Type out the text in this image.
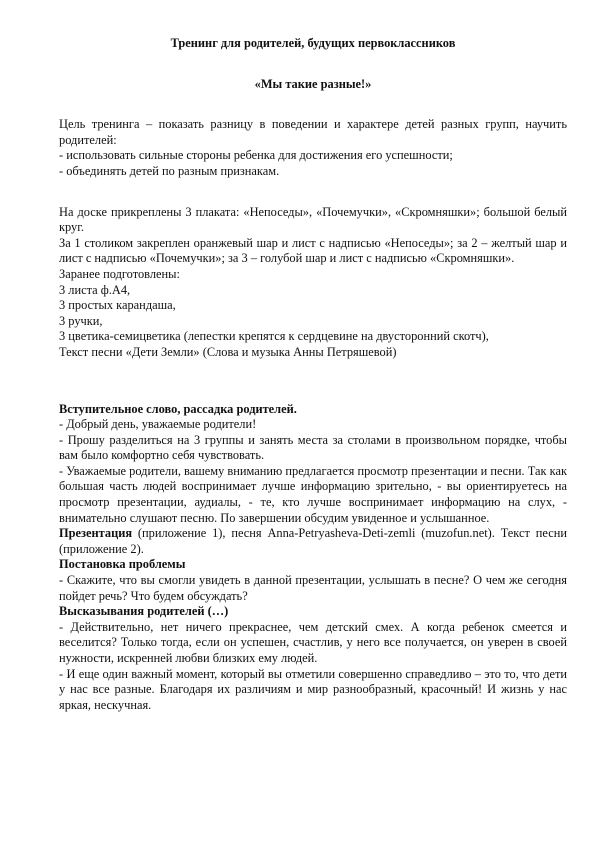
Тренинг для родителей, будущих первоклассников

«Мы такие разные!»

Цель тренинга – показать разницу в поведении и характере детей разных групп, научить родителей:

- использовать сильные стороны ребенка для достижения его успешности;

- объединять детей по разным признакам.

На доске прикреплены 3 плаката: «Непоседы», «Почемучки», «Скромняшки»; большой белый круг.

За 1 столиком закреплен оранжевый шар и лист с надписью «Непоседы»; за 2 – желтый шар и лист с надписью «Почемучки»; за 3 – голубой шар и лист с надписью «Скромняшки».

Заранее подготовлены:

3 листа ф.А4,

3 простых карандаша,

3 ручки,

3 цветика-семицветика (лепестки крепятся к сердцевине на двусторонний скотч),

Текст песни «Дети Земли» (Слова и музыка Анны Петряшевой)

Вступительное слово, рассадка родителей.

- Добрый день, уважаемые родители!

- Прошу разделиться на 3 группы и занять места за столами в произвольном порядке, чтобы вам было комфортно себя чувствовать.

- Уважаемые родители, вашему вниманию предлагается просмотр презентации и песни. Так как большая часть людей воспринимает лучше информацию зрительно, - вы ориентируетесь на просмотр презентации, аудиалы, - те, кто лучше воспринимает информацию на слух, - внимательно слушают песню. По завершении обсудим увиденное и услышанное.

Презентация (приложение 1), песня Anna-Petryasheva-Deti-zemli (muzofun.net). Текст песни (приложение 2).

Постановка проблемы

- Скажите, что вы смогли увидеть в данной презентации, услышать в песне? О чем же сегодня пойдет речь? Что будем обсуждать?

Высказывания родителей (…)

- Действительно, нет ничего прекраснее, чем детский смех. А когда ребенок смеется и веселится? Только тогда, если он успешен, счастлив, у него все получается, он уверен в своей нужности, искренней любви близких ему людей.

- И еще один важный момент, который вы отметили совершенно справедливо – это то, что дети у нас все разные. Благодаря их различиям и мир разнообразный, красочный! И жизнь у нас яркая, нескучная.
